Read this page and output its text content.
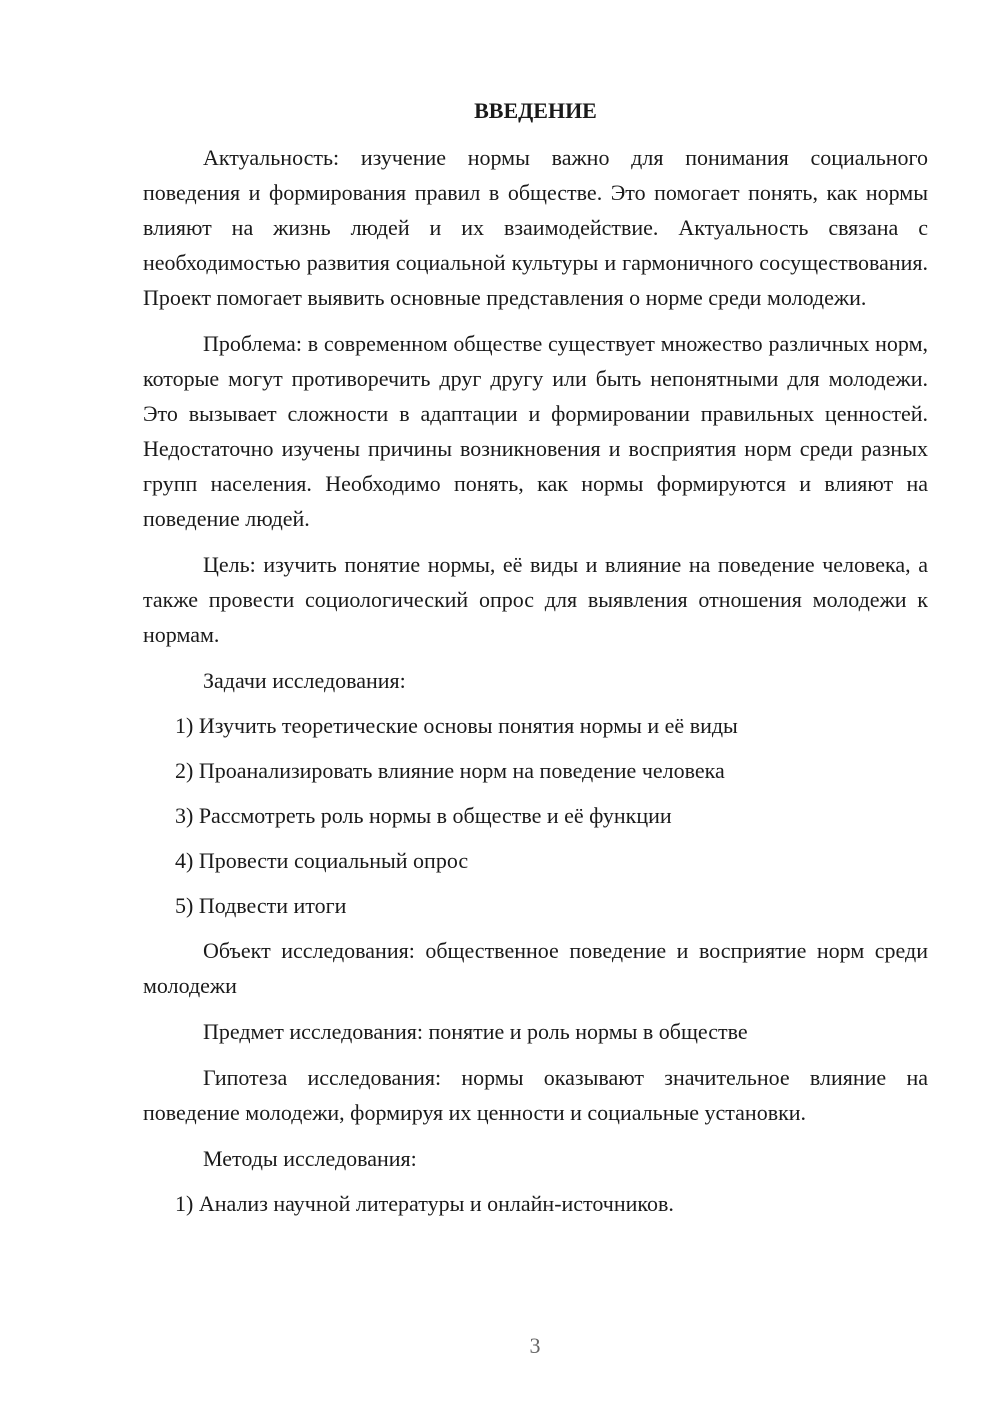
ВВЕДЕНИЕ

Актуальность: изучение нормы важно для понимания социального поведения и формирования правил в обществе. Это помогает понять, как нормы влияют на жизнь людей и их взаимодействие. Актуальность связана с необходимостью развития социальной культуры и гармоничного сосуществования. Проект помогает выявить основные представления о норме среди молодежи.

Проблема: в современном обществе существует множество различных норм, которые могут противоречить друг другу или быть непонятными для молодежи. Это вызывает сложности в адаптации и формировании правильных ценностей. Недостаточно изучены причины возникновения и восприятия норм среди разных групп населения. Необходимо понять, как нормы формируются и влияют на поведение людей.

Цель: изучить понятие нормы, её виды и влияние на поведение человека, а также провести социологический опрос для выявления отношения молодежи к нормам.

Задачи исследования:

1) Изучить теоретические основы понятия нормы и её виды
2) Проанализировать влияние норм на поведение человека
3) Рассмотреть роль нормы в обществе и её функции
4) Провести социальный опрос
5) Подвести итоги

Объект исследования: общественное поведение и восприятие норм среди молодежи

Предмет исследования: понятие и роль нормы в обществе

Гипотеза исследования: нормы оказывают значительное влияние на поведение молодежи, формируя их ценности и социальные установки.

Методы исследования:

1) Анализ научной литературы и онлайн-источников.
3
